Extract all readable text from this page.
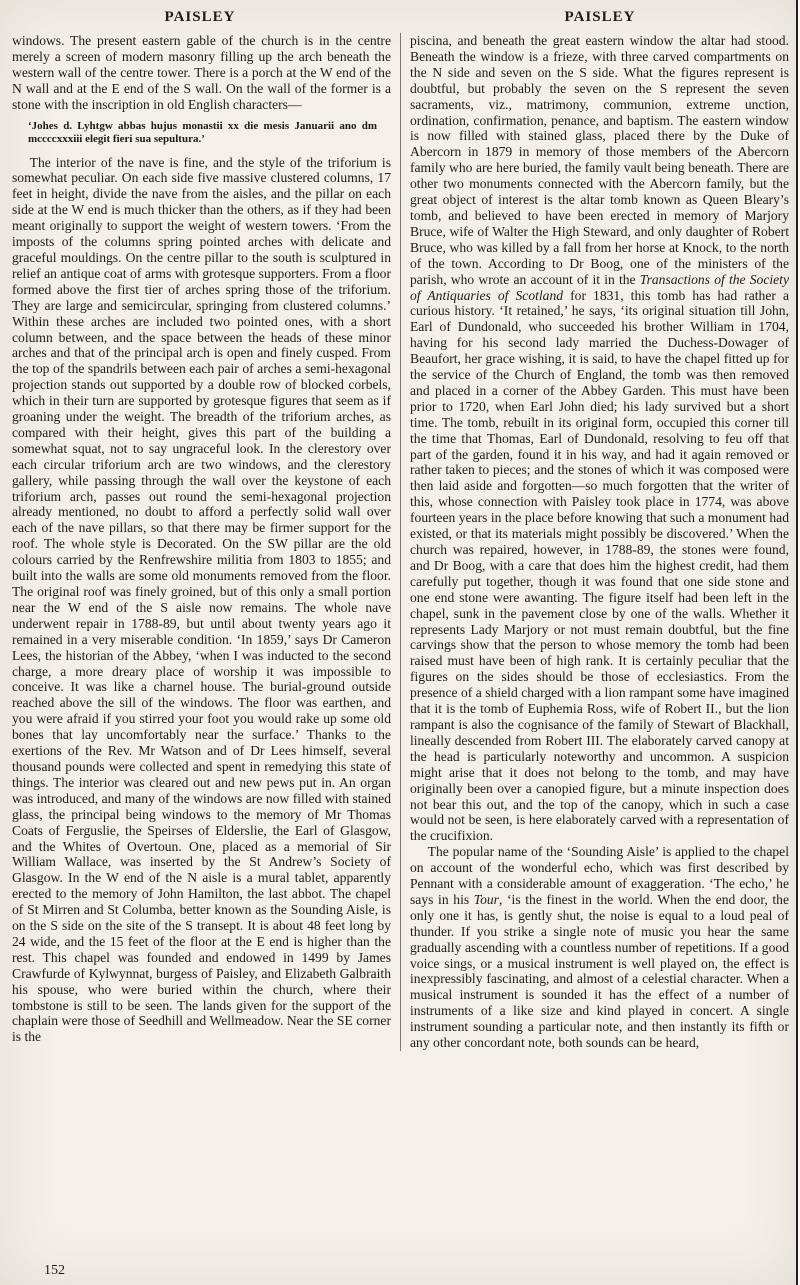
PAISLEY	PAISLEY

windows. The present eastern gable of the church is in the centre merely a screen of modern masonry filling up the arch beneath the western wall of the centre tower. There is a porch at the W end of the N wall and at the E end of the S wall. On the wall of the former is a stone with the inscription in old English characters—

‘Johes d. Lyhtgw abbas hujus monastii xx die mesis Januarii ano dm mccccxxxiii elegit fieri sua sepultura.’

The interior of the nave is fine, and the style of the triforium is somewhat peculiar. On each side five massive clustered columns, 17 feet in height, divide the nave from the aisles, and the pillar on each side at the W end is much thicker than the others, as if they had been meant originally to support the weight of western towers. ‘From the imposts of the columns spring pointed arches with delicate and graceful mouldings. On the centre pillar to the south is sculptured in relief an antique coat of arms with grotesque supporters. From a floor formed above the first tier of arches spring those of the triforium. They are large and semicircular, springing from clustered columns.’ Within these arches are included two pointed ones, with a short column between, and the space between the heads of these minor arches and that of the principal arch is open and finely cusped. From the top of the spandrils between each pair of arches a semi-hexagonal projection stands out supported by a double row of blocked corbels, which in their turn are supported by grotesque figures that seem as if groaning under the weight. The breadth of the triforium arches, as compared with their height, gives this part of the building a somewhat squat, not to say ungraceful look. In the clerestory over each circular triforium arch are two windows, and the clerestory gallery, while passing through the wall over the keystone of each triforium arch, passes out round the semi-hexagonal projection already mentioned, no doubt to afford a perfectly solid wall over each of the nave pillars, so that there may be firmer support for the roof. The whole style is Decorated. On the SW pillar are the old colours carried by the Renfrewshire militia from 1803 to 1855; and built into the walls are some old monuments removed from the floor. The original roof was finely groined, but of this only a small portion near the W end of the S aisle now remains. The whole nave underwent repair in 1788-89, but until about twenty years ago it remained in a very miserable condition. ‘In 1859,’ says Dr Cameron Lees, the historian of the Abbey, ‘when I was inducted to the second charge, a more dreary place of worship it was impossible to conceive. It was like a charnel house. The burial-ground outside reached above the sill of the windows. The floor was earthen, and you were afraid if you stirred your foot you would rake up some old bones that lay uncomfortably near the surface.’ Thanks to the exertions of the Rev. Mr Watson and of Dr Lees himself, several thousand pounds were collected and spent in remedying this state of things. The interior was cleared out and new pews put in. An organ was introduced, and many of the windows are now filled with stained glass, the principal being windows to the memory of Mr Thomas Coats of Ferguslie, the Speirses of Elderslie, the Earl of Glasgow, and the Whites of Overtoun. One, placed as a memorial of Sir William Wallace, was inserted by the St Andrew’s Society of Glasgow. In the W end of the N aisle is a mural tablet, apparently erected to the memory of John Hamilton, the last abbot. The chapel of St Mirren and St Columba, better known as the Sounding Aisle, is on the S side on the site of the S transept. It is about 48 feet long by 24 wide, and the 15 feet of the floor at the E end is higher than the rest. This chapel was founded and endowed in 1499 by James Crawfurde of Kylwynnat, burgess of Paisley, and Elizabeth Galbraith his spouse, who were buried within the church, where their tombstone is still to be seen. The lands given for the support of the chaplain were those of Seedhill and Wellmeadow. Near the SE corner is the

piscina, and beneath the great eastern window the altar had stood. Beneath the window is a frieze, with three carved compartments on the N side and seven on the S side. What the figures represent is doubtful, but probably the seven on the S represent the seven sacraments, viz., matrimony, communion, extreme unction, ordination, confirmation, penance, and baptism. The eastern window is now filled with stained glass, placed there by the Duke of Abercorn in 1879 in memory of those members of the Abercorn family who are here buried, the family vault being beneath. There are other two monuments connected with the Abercorn family, but the great object of interest is the altar tomb known as Queen Bleary’s tomb, and believed to have been erected in memory of Marjory Bruce, wife of Walter the High Steward, and only daughter of Robert Bruce, who was killed by a fall from her horse at Knock, to the north of the town. According to Dr Boog, one of the ministers of the parish, who wrote an account of it in the Transactions of the Society of Antiquaries of Scotland for 1831, this tomb has had rather a curious history. ‘It retained,’ he says, ‘its original situation till John, Earl of Dundonald, who succeeded his brother William in 1704, having for his second lady married the Duchess-Dowager of Beaufort, her grace wishing, it is said, to have the chapel fitted up for the service of the Church of England, the tomb was then removed and placed in a corner of the Abbey Garden. This must have been prior to 1720, when Earl John died; his lady survived but a short time. The tomb, rebuilt in its original form, occupied this corner till the time that Thomas, Earl of Dundonald, resolving to feu off that part of the garden, found it in his way, and had it again removed or rather taken to pieces; and the stones of which it was composed were then laid aside and forgotten—so much forgotten that the writer of this, whose connection with Paisley took place in 1774, was above fourteen years in the place before knowing that such a monument had existed, or that its materials might possibly be discovered.’ When the church was repaired, however, in 1788-89, the stones were found, and Dr Boog, with a care that does him the highest credit, had them carefully put together, though it was found that one side stone and one end stone were awanting. The figure itself had been left in the chapel, sunk in the pavement close by one of the walls. Whether it represents Lady Marjory or not must remain doubtful, but the fine carvings show that the person to whose memory the tomb had been raised must have been of high rank. It is certainly peculiar that the figures on the sides should be those of ecclesiastics. From the presence of a shield charged with a lion rampant some have imagined that it is the tomb of Euphemia Ross, wife of Robert II., but the lion rampant is also the cognisance of the family of Stewart of Blackhall, lineally descended from Robert III. The elaborately carved canopy at the head is particularly noteworthy and uncommon. A suspicion might arise that it does not belong to the tomb, and may have originally been over a canopied figure, but a minute inspection does not bear this out, and the top of the canopy, which in such a case would not be seen, is here elaborately carved with a representation of the crucifixion.

The popular name of the ‘Sounding Aisle’ is applied to the chapel on account of the wonderful echo, which was first described by Pennant with a considerable amount of exaggeration. ‘The echo,’ he says in his Tour, ‘is the finest in the world. When the end door, the only one it has, is gently shut, the noise is equal to a loud peal of thunder. If you strike a single note of music you hear the same gradually ascending with a countless number of repetitions. If a good voice sings, or a musical instrument is well played on, the effect is inexpressibly fascinating, and almost of a celestial character. When a musical instrument is sounded it has the effect of a number of instruments of a like size and kind played in concert. A single instrument sounding a particular note, and then instantly its fifth or any other concordant note, both sounds can be heard,

152
